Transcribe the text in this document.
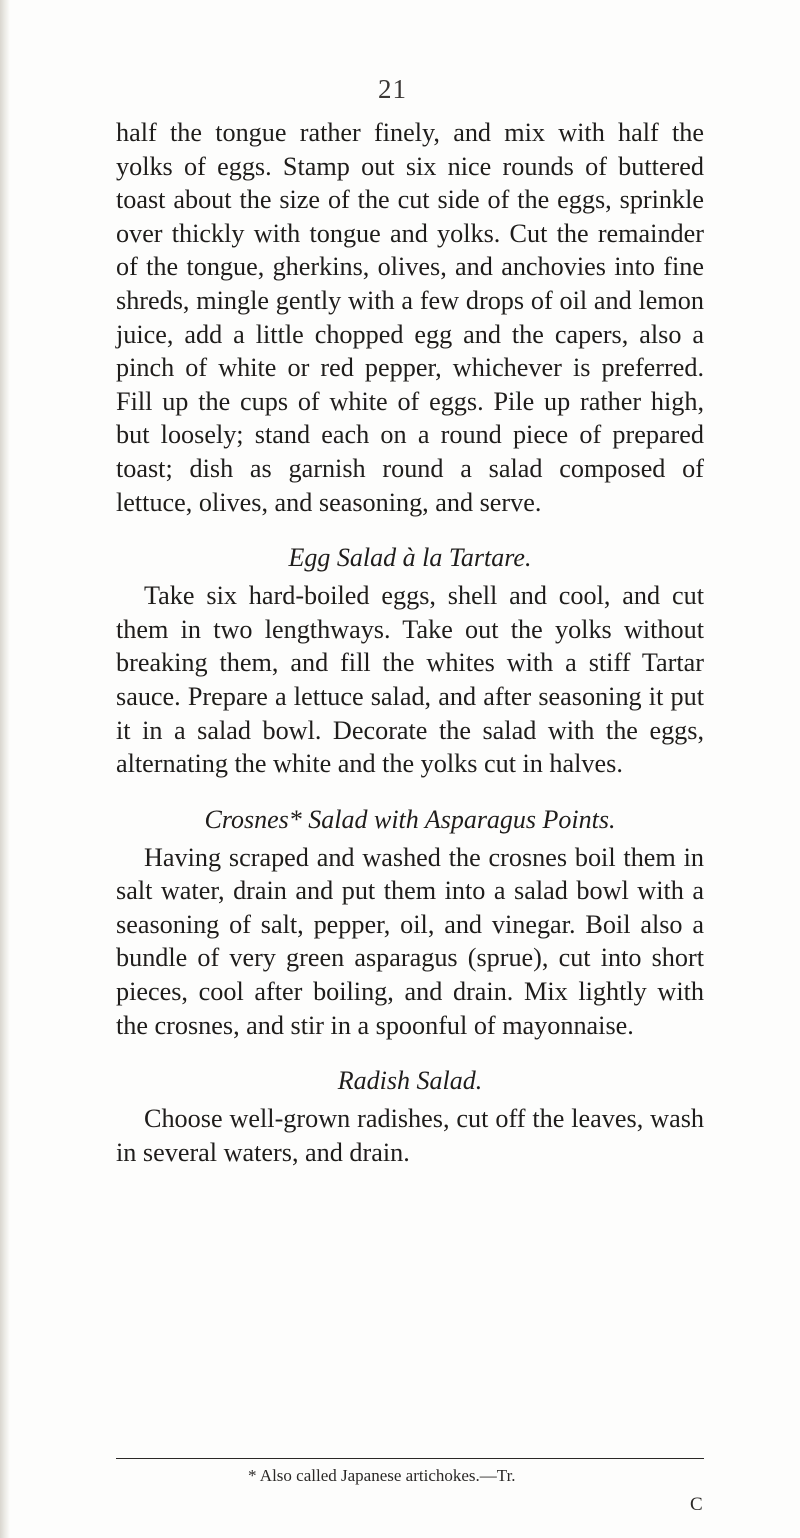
21

half the tongue rather finely, and mix with half the yolks of eggs. Stamp out six nice rounds of buttered toast about the size of the cut side of the eggs, sprinkle over thickly with tongue and yolks. Cut the remainder of the tongue, gherkins, olives, and anchovies into fine shreds, mingle gently with a few drops of oil and lemon juice, add a little chopped egg and the capers, also a pinch of white or red pepper, whichever is preferred. Fill up the cups of white of eggs. Pile up rather high, but loosely; stand each on a round piece of prepared toast; dish as garnish round a salad composed of lettuce, olives, and seasoning, and serve.

Egg Salad à la Tartare.

Take six hard-boiled eggs, shell and cool, and cut them in two lengthways. Take out the yolks without breaking them, and fill the whites with a stiff Tartar sauce. Prepare a lettuce salad, and after seasoning it put it in a salad bowl. Decorate the salad with the eggs, alternating the white and the yolks cut in halves.

Crosnes* Salad with Asparagus Points.

Having scraped and washed the crosnes boil them in salt water, drain and put them into a salad bowl with a seasoning of salt, pepper, oil, and vinegar. Boil also a bundle of very green asparagus (sprue), cut into short pieces, cool after boiling, and drain. Mix lightly with the crosnes, and stir in a spoonful of mayonnaise.

Radish Salad.

Choose well-grown radishes, cut off the leaves, wash in several waters, and drain.

* Also called Japanese artichokes.—Tr.
C
